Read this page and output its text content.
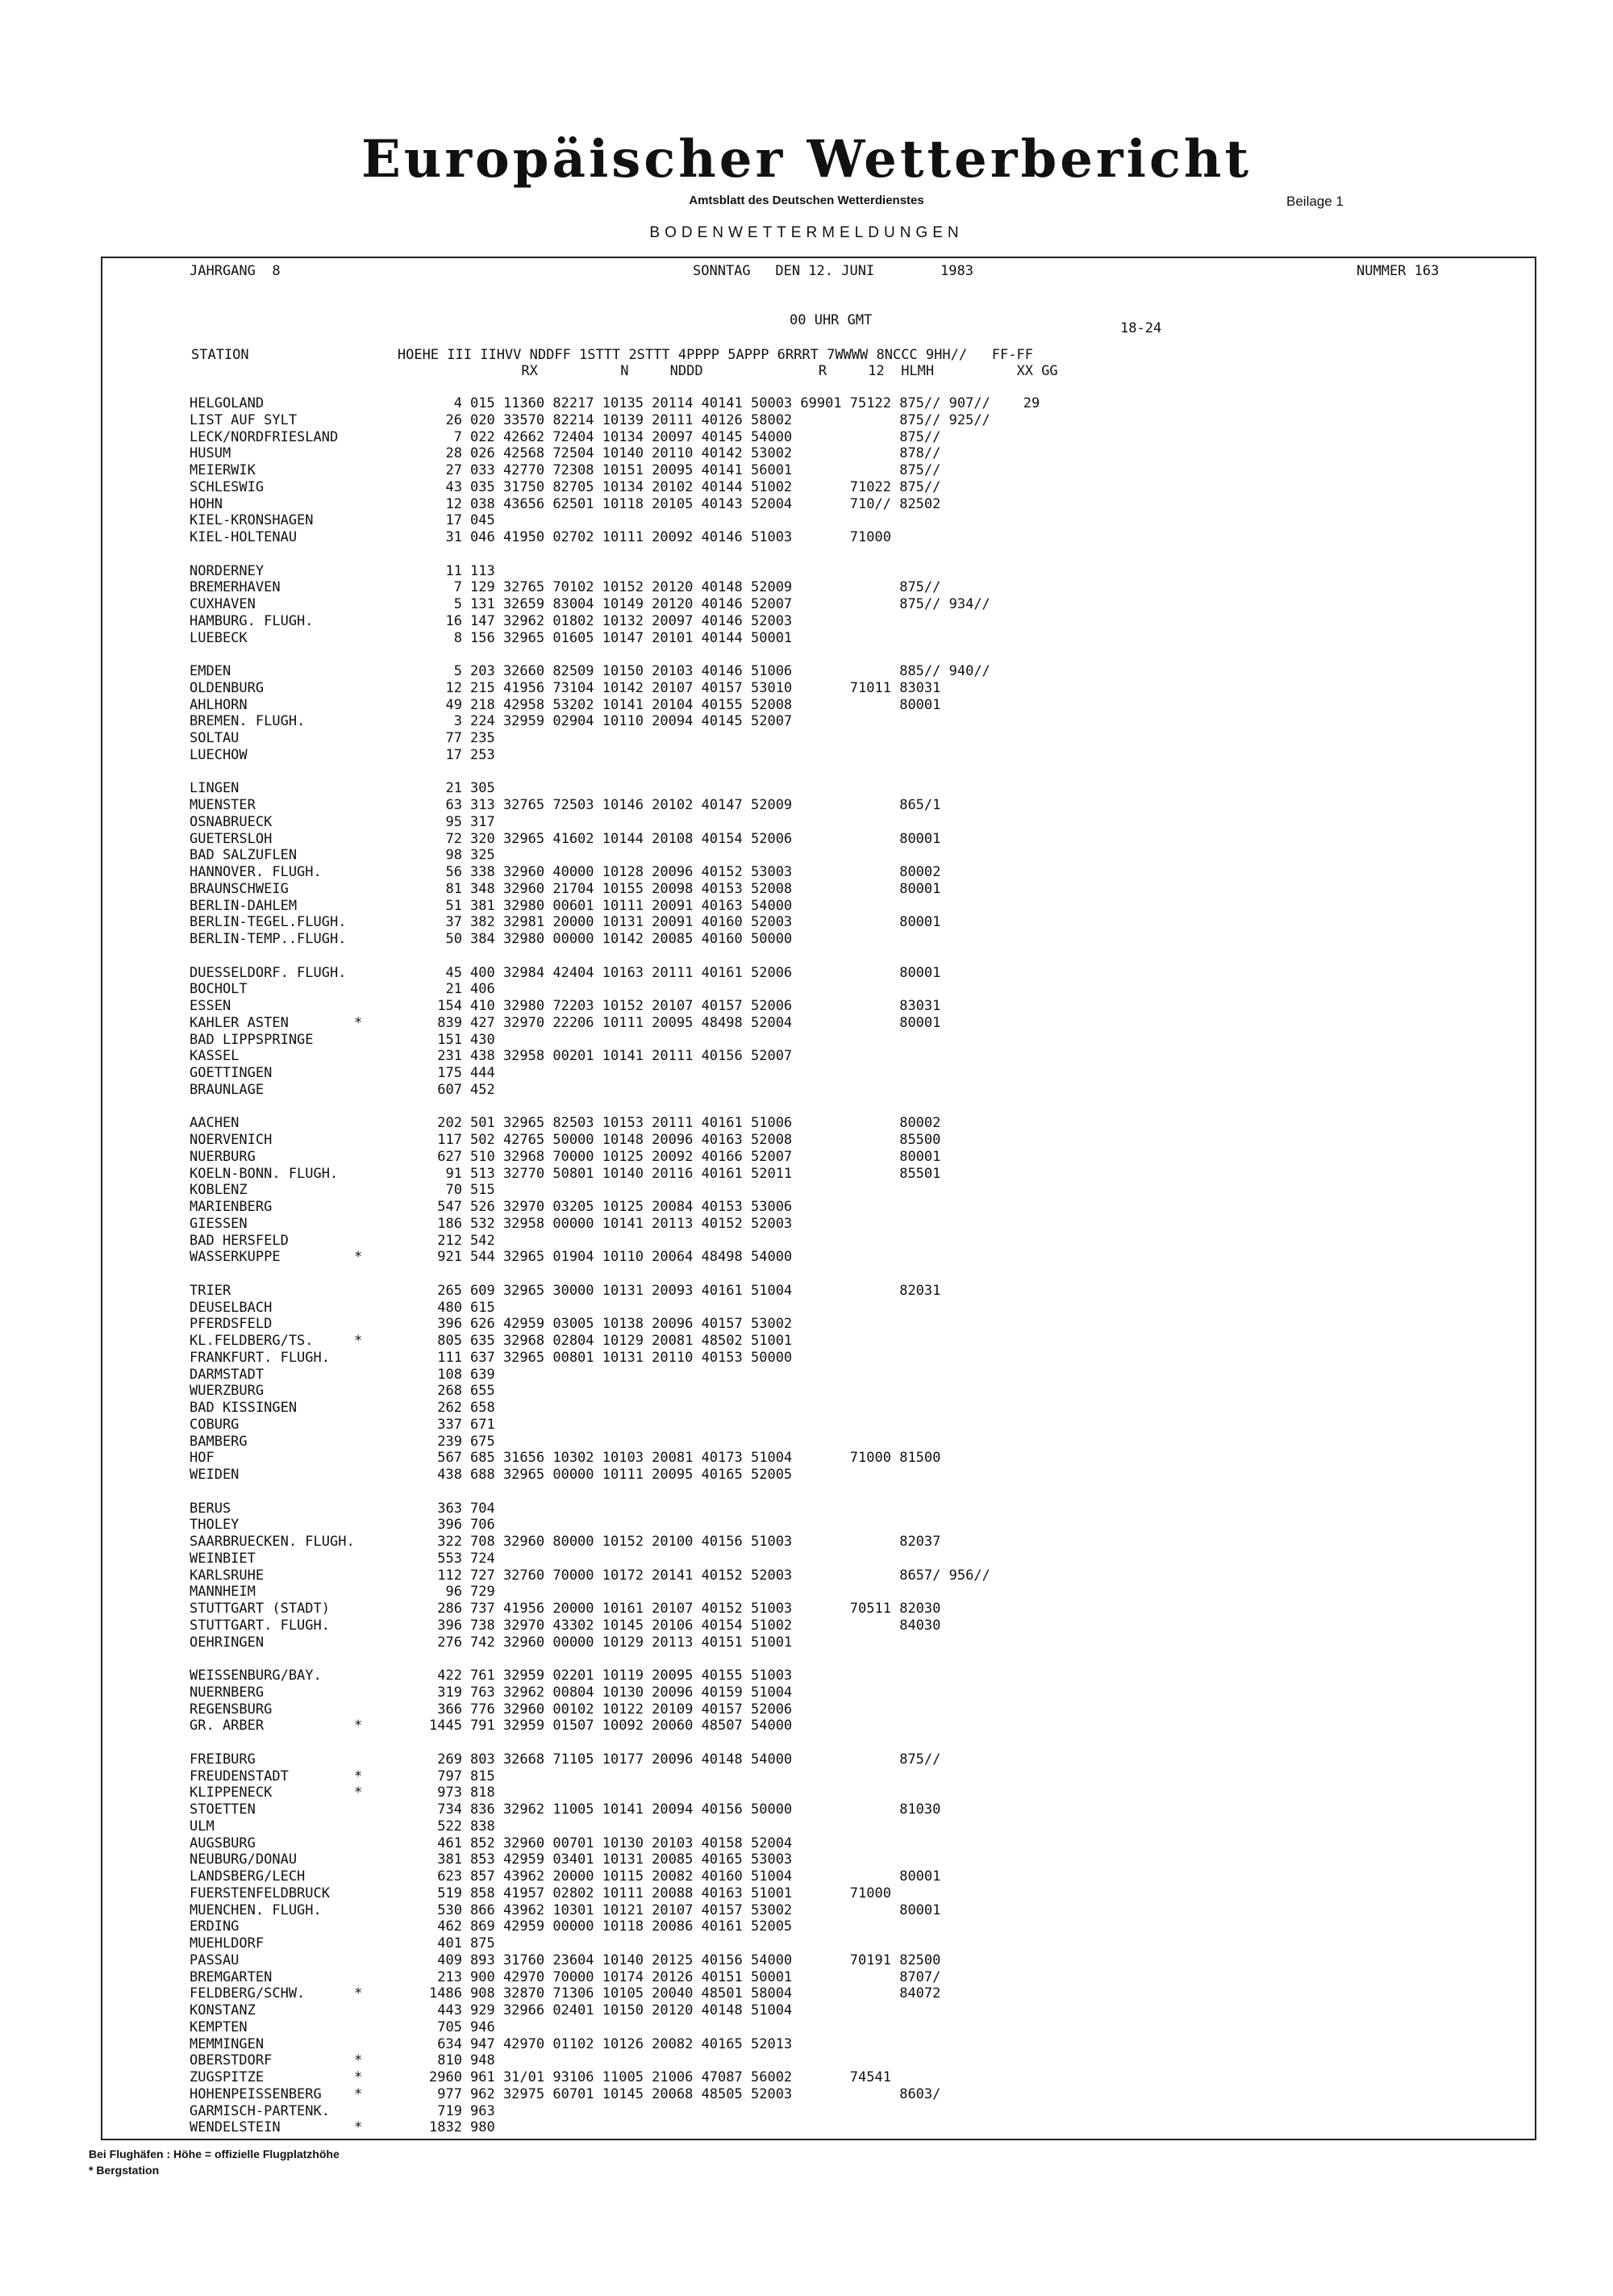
Europäischer Wetterbericht
Amtsblatt des Deutschen Wetterdienstes	Beilage 1
BODENWETTERMELDUNGEN
JAHRGANG  8	SONNTAG   DEN 12. JUNI        1983	NUMMER 163
00 UHR GMT	18-24
STATION                  HOEHE III IIHVV NDDFF 1STTT 2STTT 4PPPP 5APPP 6RRRT 7WWWW 8NCCC 9HH//   FF-FF
RX          N     NDDD              R     12  HLMH          XX GG
HELGOLAND	4 015 11360 82217 10135 20114 40141 50003 69901 75122 875// 907//    29
LIST AUF SYLT	26 020 33570 82214 10139 20111 40126 58002             875// 925//
LECK/NORDFRIESLAND	7 022 42662 72404 10134 20097 40145 54000             875//
HUSUM	28 026 42568 72504 10140 20110 40142 53002             878//
MEIERWIK	27 033 42770 72308 10151 20095 40141 56001             875//
SCHLESWIG	43 035 31750 82705 10134 20102 40144 51002       71022 875//
HOHN	12 038 43656 62501 10118 20105 40143 52004       710// 82502
KIEL-KRONSHAGEN	17 045
KIEL-HOLTENAU	31 046 41950 02702 10111 20092 40146 51003       71000
NORDERNEY	11 113
BREMERHAVEN	7 129 32765 70102 10152 20120 40148 52009             875//
CUXHAVEN	5 131 32659 83004 10149 20120 40146 52007             875// 934//
HAMBURG. FLUGH.	16 147 32962 01802 10132 20097 40146 52003
LUEBECK	8 156 32965 01605 10147 20101 40144 50001
EMDEN	5 203 32660 82509 10150 20103 40146 51006             885// 940//
OLDENBURG	12 215 41956 73104 10142 20107 40157 53010       71011 83031
AHLHORN	49 218 42958 53202 10141 20104 40155 52008             80001
BREMEN. FLUGH.	3 224 32959 02904 10110 20094 40145 52007
SOLTAU	77 235
LUECHOW	17 253
LINGEN	21 305
MUENSTER	63 313 32765 72503 10146 20102 40147 52009             865/1
OSNABRUECK	95 317
GUETERSLOH	72 320 32965 41602 10144 20108 40154 52006             80001
BAD SALZUFLEN	98 325
HANNOVER. FLUGH.	56 338 32960 40000 10128 20096 40152 53003             80002
BRAUNSCHWEIG	81 348 32960 21704 10155 20098 40153 52008             80001
BERLIN-DAHLEM	51 381 32980 00601 10111 20091 40163 54000
BERLIN-TEGEL.FLUGH.	37 382 32981 20000 10131 20091 40160 52003             80001
BERLIN-TEMP..FLUGH.	50 384 32980 00000 10142 20085 40160 50000
DUESSELDORF. FLUGH.	45 400 32984 42404 10163 20111 40161 52006             80001
BOCHOLT	21 406
ESSEN	154 410 32980 72203 10152 20107 40157 52006             83031
KAHLER ASTEN	*	839 427 32970 22206 10111 20095 48498 52004             80001
BAD LIPPSPRINGE	151 430
KASSEL	231 438 32958 00201 10141 20111 40156 52007
GOETTINGEN	175 444
BRAUNLAGE	607 452
AACHEN	202 501 32965 82503 10153 20111 40161 51006             80002
NOERVENICH	117 502 42765 50000 10148 20096 40163 52008             85500
NUERBURG	627 510 32968 70000 10125 20092 40166 52007             80001
KOELN-BONN. FLUGH.	91 513 32770 50801 10140 20116 40161 52011             85501
KOBLENZ	70 515
MARIENBERG	547 526 32970 03205 10125 20084 40153 53006
GIESSEN	186 532 32958 00000 10141 20113 40152 52003
BAD HERSFELD	212 542
WASSERKUPPE	*	921 544 32965 01904 10110 20064 48498 54000
TRIER	265 609 32965 30000 10131 20093 40161 51004             82031
DEUSELBACH	480 615
PFERDSFELD	396 626 42959 03005 10138 20096 40157 53002
KL.FELDBERG/TS.	*	805 635 32968 02804 10129 20081 48502 51001
FRANKFURT. FLUGH.	111 637 32965 00801 10131 20110 40153 50000
DARMSTADT	108 639
WUERZBURG	268 655
BAD KISSINGEN	262 658
COBURG	337 671
BAMBERG	239 675
HOF	567 685 31656 10302 10103 20081 40173 51004       71000 81500
WEIDEN	438 688 32965 00000 10111 20095 40165 52005
BERUS	363 704
THOLEY	396 706
SAARBRUECKEN. FLUGH.	322 708 32960 80000 10152 20100 40156 51003             82037
WEINBIET	553 724
KARLSRUHE	112 727 32760 70000 10172 20141 40152 52003             8657/ 956//
MANNHEIM	96 729
STUTTGART (STADT)	286 737 41956 20000 10161 20107 40152 51003       70511 82030
STUTTGART. FLUGH.	396 738 32970 43302 10145 20106 40154 51002             84030
OEHRINGEN	276 742 32960 00000 10129 20113 40151 51001
WEISSENBURG/BAY.	422 761 32959 02201 10119 20095 40155 51003
NUERNBERG	319 763 32962 00804 10130 20096 40159 51004
REGENSBURG	366 776 32960 00102 10122 20109 40157 52006
GR. ARBER	*	1445 791 32959 01507 10092 20060 48507 54000
FREIBURG	269 803 32668 71105 10177 20096 40148 54000             875//
FREUDENSTADT	*	797 815
KLIPPENECK	*	973 818
STOETTEN	734 836 32962 11005 10141 20094 40156 50000             81030
ULM	522 838
AUGSBURG	461 852 32960 00701 10130 20103 40158 52004
NEUBURG/DONAU	381 853 42959 03401 10131 20085 40165 53003
LANDSBERG/LECH	623 857 43962 20000 10115 20082 40160 51004             80001
FUERSTENFELDBRUCK	519 858 41957 02802 10111 20088 40163 51001       71000
MUENCHEN. FLUGH.	530 866 43962 10301 10121 20107 40157 53002             80001
ERDING	462 869 42959 00000 10118 20086 40161 52005
MUEHLDORF	401 875
PASSAU	409 893 31760 23604 10140 20125 40156 54000       70191 82500
BREMGARTEN	213 900 42970 70000 10174 20126 40151 50001             8707/
FELDBERG/SCHW.	*	1486 908 32870 71306 10105 20040 48501 58004             84072
KONSTANZ	443 929 32966 02401 10150 20120 40148 51004
KEMPTEN	705 946
MEMMINGEN	634 947 42970 01102 10126 20082 40165 52013
OBERSTDORF	*	810 948
ZUGSPITZE	*	2960 961 31/01 93106 11005 21006 47087 56002       74541
HOHENPEISSENBERG *	977 962 32975 60701 10145 20068 48505 52003             8603/
GARMISCH-PARTENK.	719 963
WENDELSTEIN	*	1832 980
Bei Flughäfen : Höhe = offizielle Flugplatzhöhe
* Bergstation
